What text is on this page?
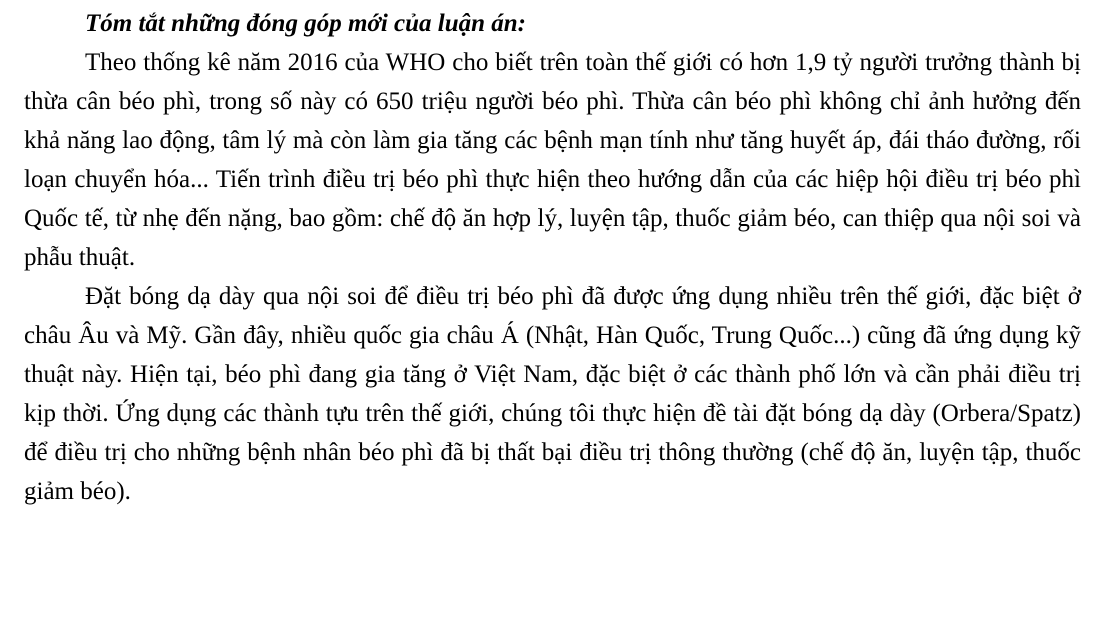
Tóm tắt những đóng góp mới của luận án:

Theo thống kê năm 2016 của WHO cho biết trên toàn thế giới có hơn 1,9 tỷ người trưởng thành bị thừa cân béo phì, trong số này có 650 triệu người béo phì. Thừa cân béo phì không chỉ ảnh hưởng đến khả năng lao động, tâm lý mà còn làm gia tăng các bệnh mạn tính như tăng huyết áp, đái tháo đường, rối loạn chuyển hóa... Tiến trình điều trị béo phì thực hiện theo hướng dẫn của các hiệp hội điều trị béo phì Quốc tế, từ nhẹ đến nặng, bao gồm: chế độ ăn hợp lý, luyện tập, thuốc giảm béo, can thiệp qua nội soi và phẫu thuật.

Đặt bóng dạ dày qua nội soi để điều trị béo phì đã được ứng dụng nhiều trên thế giới, đặc biệt ở châu Âu và Mỹ. Gần đây, nhiều quốc gia châu Á (Nhật, Hàn Quốc, Trung Quốc...) cũng đã ứng dụng kỹ thuật này. Hiện tại, béo phì đang gia tăng ở Việt Nam, đặc biệt ở các thành phố lớn và cần phải điều trị kịp thời. Ứng dụng các thành tựu trên thế giới, chúng tôi thực hiện đề tài đặt bóng dạ dày (Orbera/Spatz) để điều trị cho những bệnh nhân béo phì đã bị thất bại điều trị thông thường (chế độ ăn, luyện tập, thuốc giảm béo).
